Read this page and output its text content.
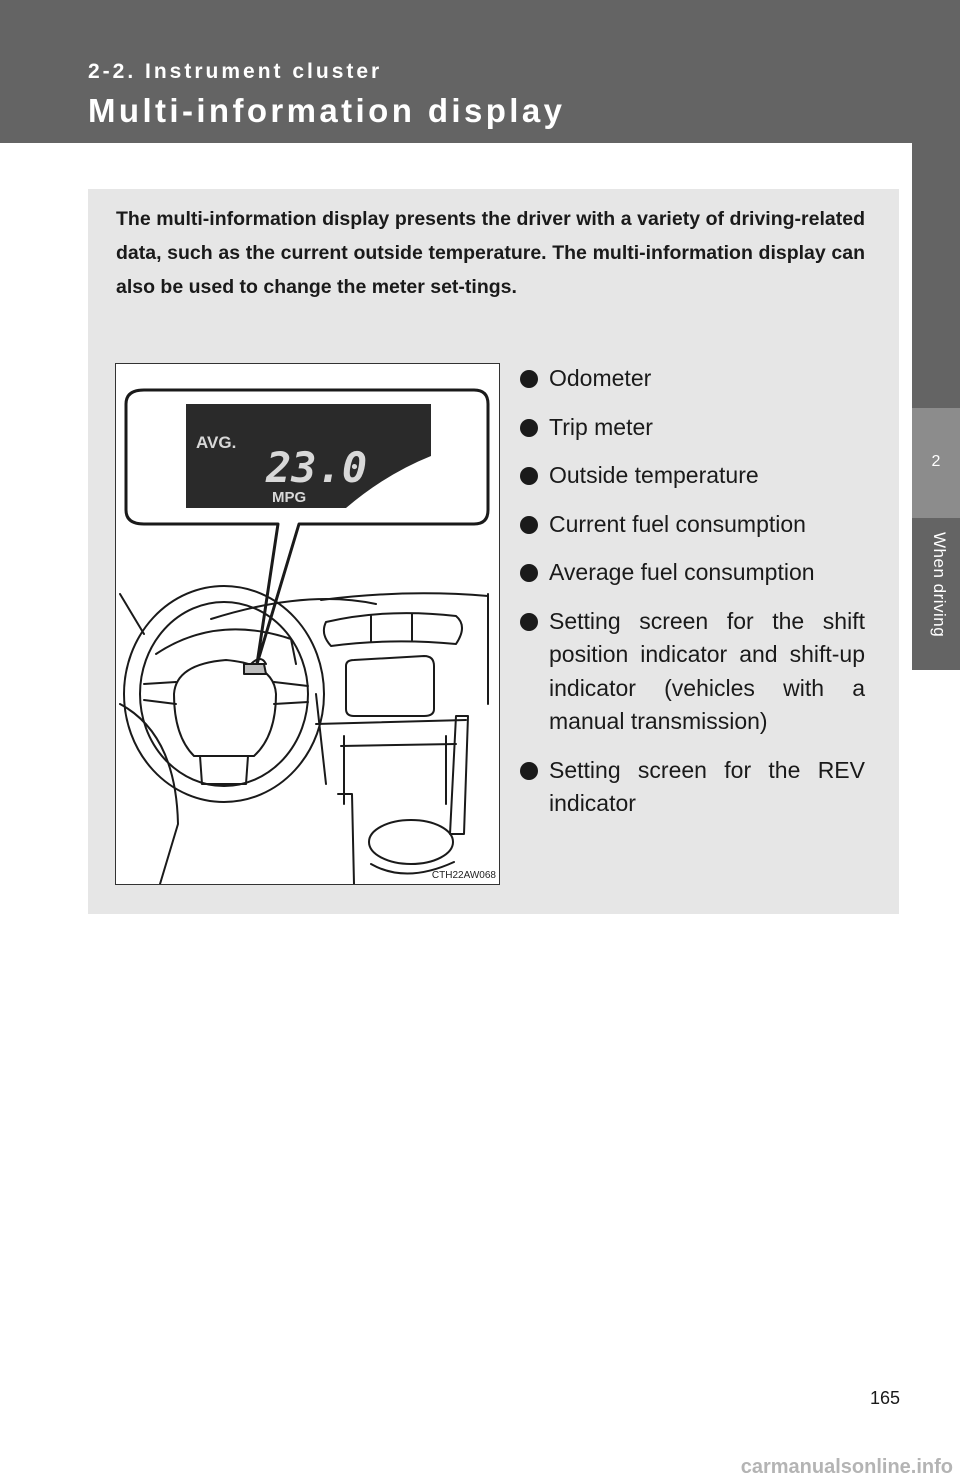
2-2. Instrument cluster
Multi-information display
2
When driving
The multi-information display presents the driver with a variety of driving-related data, such as the current outside temperature. The multi-information display can also be used to change the meter set-tings.
AVG.
23.0
MPG
CTH22AW068
Odometer
Trip meter
Outside temperature
Current fuel consumption
Average fuel consumption
Setting screen for the shift position indicator and shift-up indicator (vehicles with a manual transmission)
Setting screen for the REV indicator
165
carmanualsonline.info
